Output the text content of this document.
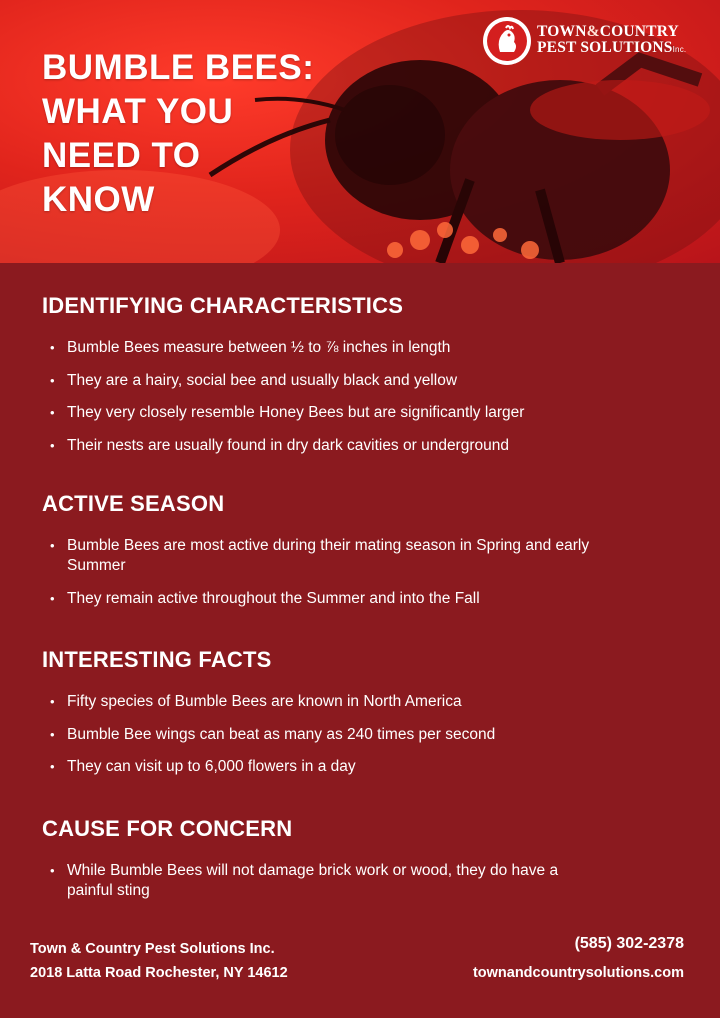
BUMBLE BEES:
WHAT YOU
NEED TO
KNOW
TOWN&COUNTRY
PEST SOLUTIONSInc.
IDENTIFYING CHARACTERISTICS
• Bumble Bees measure between ½ to ⅞ inches in length
• They are a hairy, social bee and usually black and yellow
• They very closely resemble Honey Bees but are significantly larger
• Their nests are usually found in dry dark cavities or underground
ACTIVE SEASON
• Bumble Bees are most active during their mating season in Spring and early Summer
• They remain active throughout the Summer and into the Fall
INTERESTING FACTS
• Fifty species of Bumble Bees are known in North America
• Bumble Bee wings can beat as many as 240 times per second
• They can visit up to 6,000 flowers in a day
CAUSE FOR CONCERN
• While Bumble Bees will not damage brick work or wood, they do have a painful sting
Town & Country Pest Solutions Inc.
2018 Latta Road Rochester, NY 14612
(585) 302-2378
townandcountrysolutions.com
